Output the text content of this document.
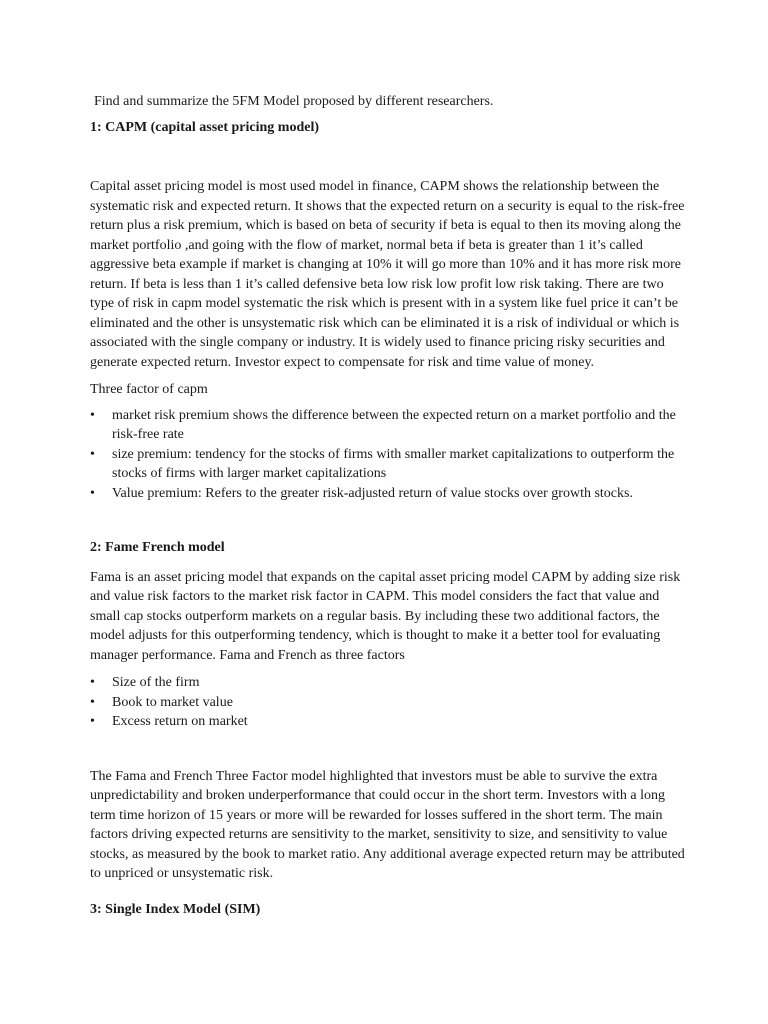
Find and summarize the 5FM Model proposed by different researchers.

1: CAPM (capital asset pricing model)

Capital asset pricing model is most used model in finance, CAPM shows the relationship between the systematic risk and expected return. It shows that the expected return on a security is equal to the risk-free return plus a risk premium, which is based on beta of security if beta is equal to then its moving along the market portfolio ,and going with the flow of market, normal beta if beta is greater than 1 it’s called aggressive beta example if market is changing at 10% it will go more than 10% and it has more risk more return. If beta is less than 1 it’s called defensive beta low risk low profit low risk taking. There are two type of risk in capm model systematic the risk which is present with in a system like fuel price it can’t be eliminated and the other is unsystematic risk which can be eliminated it is a risk of individual or which is associated with the single company or industry. It is widely used to finance pricing risky securities and generate expected return. Investor expect to compensate for risk and time value of money.

Three factor of capm

• market risk premium shows the difference between the expected return on a market portfolio and the risk-free rate
• size premium: tendency for the stocks of firms with smaller market capitalizations to outperform the stocks of firms with larger market capitalizations
• Value premium: Refers to the greater risk-adjusted return of value stocks over growth stocks.
2: Fame French model

Fama is an asset pricing model that expands on the capital asset pricing model CAPM by adding size risk and value risk factors to the market risk factor in CAPM. This model considers the fact that value and small cap stocks outperform markets on a regular basis. By including these two additional factors, the model adjusts for this outperforming tendency, which is thought to make it a better tool for evaluating manager performance. Fama and French as three factors

• Size of the firm
• Book to market value
• Excess return on market

The Fama and French Three Factor model highlighted that investors must be able to survive the extra unpredictability and broken underperformance that could occur in the short term. Investors with a long term time horizon of 15 years or more will be rewarded for losses suffered in the short term. The main factors driving expected returns are sensitivity to the market, sensitivity to size, and sensitivity to value stocks, as measured by the book to market ratio. Any additional average expected return may be attributed to unpriced or unsystematic risk.

3: Single Index Model (SIM)
